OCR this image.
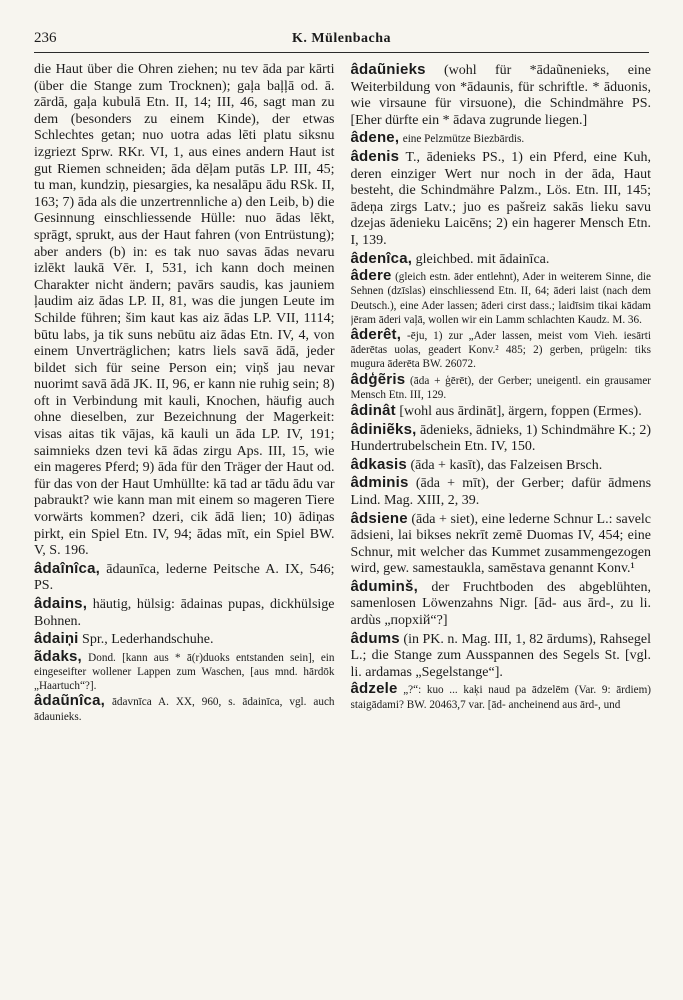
236	K. Mülenbacha

die Haut über die Ohren ziehen; nu tev āda par kārti (über die Stange zum Trocknen); gaļa baļļā od. ā. zārdā, gaļa kubulā Etn. II, 14; III, 46, sagt man zu dem (besonders zu einem Kinde), der etwas Schlechtes getan; nuo uotra adas lēti platu siksnu izgriezt Sprw. RKr. VI, 1, aus eines andern Haut ist gut Riemen schneiden; āda dēļam putās LP. III, 45; tu man, kundziņ, piesargies, ka nesalāpu ādu RSk. II, 163; 7) āda als die unzertrennliche a) den Leib, b) die Gesinnung einschliessende Hülle: nuo ādas lēkt, sprāgt, sprukt, aus der Haut fahren (von Entrüstung); aber anders (b) in: es tak nuo savas ādas nevaru izlēkt laukā Vēr. I, 531, ich kann doch meinen Charakter nicht ändern; pavārs saudis, kas jauniem ļaudim aiz ādas LP. II, 81, was die jungen Leute im Schilde führen; šim kaut kas aiz ādas LP. VII, 1114; būtu labs, ja tik suns nebūtu aiz ādas Etn. IV, 4, von einem Unverträglichen; katrs liels savā ādā, jeder bildet sich für seine Person ein; viņš jau nevar nuorimt savā ādā JK. II, 96, er kann nie ruhig sein; 8) oft in Verbindung mit kauli, Knochen, häufig auch ohne dieselben, zur Bezeichnung der Magerkeit: visas aitas tik vājas, kā kauli un āda LP. IV, 191; saimnieks dzen tevi kā ādas zirgu Aps. III, 15, wie ein mageres Pferd; 9) āda für den Träger der Haut od. für das von der Haut Umhüllte: kā tad ar tādu ādu var pabraukt? wie kann man mit einem so mageren Tiere vorwärts kommen? dzeri, cik ādā lien; 10) ādiņas pirkt, ein Spiel Etn. IV, 94; ādas mīt, ein Spiel BW. V, S. 196.

âdaînîca, ādaunīca, lederne Peitsche A. IX, 546; PS.

âdains, häutig, hülsig: ādainas pupas, dickhülsige Bohnen.

âdaiņi Spr., Lederhandschuhe.

ãdaks, Dond. [kann aus * ā(r)duoks entstanden sein], ein eingeseifter wollener Lappen zum Waschen, [aus mnd. hārdōk „Haartuch“?].

âdaũnîca, ādavnīca A. XX, 960, s. ādainīca, vgl. auch ādaunieks.

âdaũnieks (wohl für *ādaũnenieks, eine Weiterbildung von *ādaunis, für schriftle. * āduonis, wie virsaune für virsuone), die Schindmähre PS. [Eher dürfte ein * ādava zugrunde liegen.]

âdene, eine Pelzmütze Biezbārdis.

âdenis T., ādenieks PS., 1) ein Pferd, eine Kuh, deren einziger Wert nur noch in der āda, Haut besteht, die Schindmähre Palzm., Lös. Etn. III, 145; ādeņa zirgs Latv.; juo es pašreiz sakās lieku savu dzejas ādenieku Laicēns; 2) ein hagerer Mensch Etn. I, 139.

âdenîca, gleichbed. mit ādainīca.

âdere (gleich estn. āder entlehnt), Ader in weiterem Sinne, die Sehnen (dzīslas) einschliessend Etn. II, 64; āderi laist (nach dem Deutsch.), eine Ader lassen; āderi cirst dass.; laidīsim tikai kādam jēram āderi vaļā, wollen wir ein Lamm schlachten Kaudz. M. 36.

âderêt, -ēju, 1) zur „Ader lassen, meist vom Vieh. iesārti āderētas uolas, geadert Konv.² 485; 2) gerben, prügeln: tiks mugura āderēta BW. 26072.

âdģẽris (āda + ģērēt), der Gerber; uneigentl. ein grausamer Mensch Etn. III, 129.

âdinât [wohl aus ārdināt], ärgern, foppen (Ermes).

âdiniẽks, ādenieks, ādnieks, 1) Schindmähre K.; 2) Hundertrubelschein Etn. IV, 150.

âdkasis (āda + kasīt), das Falzeisen Brsch.

âdminis (āda + mīt), der Gerber; dafür ādmens Lind. Mag. XIII, 2, 39.

âdsiene (āda + siet), eine lederne Schnur L.: savelc ādsieni, lai bikses nekrīt zemē Duomas IV, 454; eine Schnur, mit welcher das Kummet zusammengezogen wird, gew. samestaukla, samēstava genannt Konv.¹

âduminš, der Fruchtboden des abgeblühten, samenlosen Löwenzahns Nigr. [ād- aus ārd-, zu li. ardùs „порхій“?]

âdums (in PK. n. Mag. III, 1, 82 ārdums), Rahsegel L.; die Stange zum Ausspannen des Segels St. [vgl. li. ardamas „Segelstange“].

âdzele „?“: kuo ... kaķi naud pa ādzelēm (Var. 9: ārdiem) staigādami? BW. 20463,7 var. [ād- ancheinend aus ārd-, und
